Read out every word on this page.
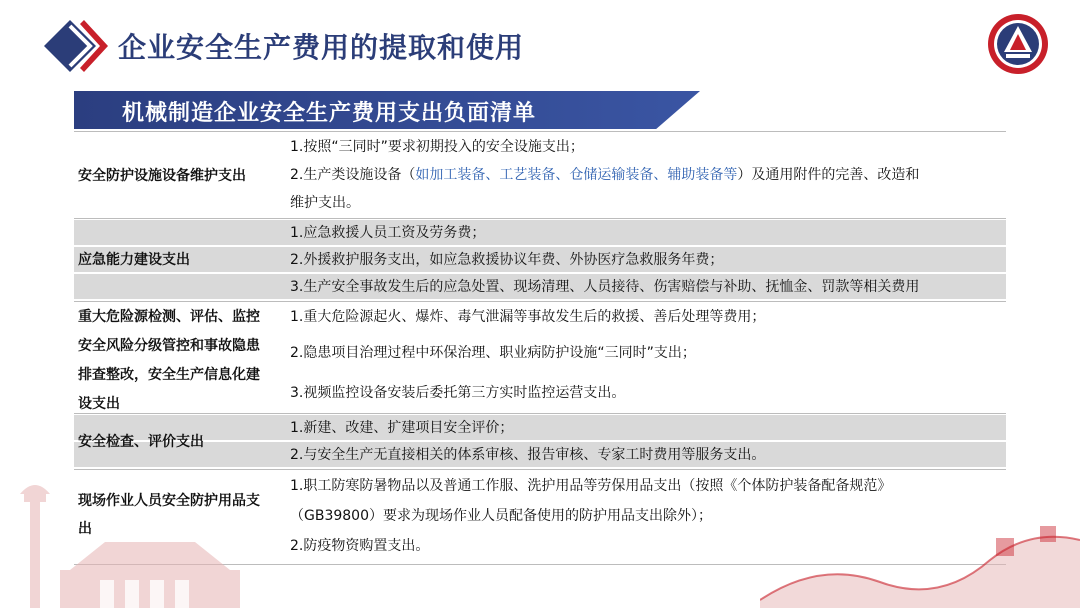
企业安全生产费用的提取和使用
机械制造企业安全生产费用支出负面清单
安全防护设施设备维护支出
1.按照“三同时”要求初期投入的安全设施支出；
2.生产类设施设备（如加工装备、工艺装备、仓储运输装备、辅助装备等）及通用附件的完善、改造和
维护支出。
应急能力建设支出
1.应急救援人员工资及劳务费；
2.外援救护服务支出，如应急救援协议年费、外协医疗急救服务年费；
3.生产安全事故发生后的应急处置、现场清理、人员接待、伤害赔偿与补助、抚恤金、罚款等相关费用
重大危险源检测、评估、监控
安全风险分级管控和事故隐患
排查整改，安全生产信息化建
设支出
1.重大危险源起火、爆炸、毒气泄漏等事故发生后的救援、善后处理等费用；
2.隐患项目治理过程中环保治理、职业病防护设施“三同时”支出；
3.视频监控设备安装后委托第三方实时监控运营支出。
安全检查、评价支出
1.新建、改建、扩建项目安全评价；
2.与安全生产无直接相关的体系审核、报告审核、专家工时费用等服务支出。
现场作业人员安全防护用品支
出
1.职工防寒防暑物品以及普通工作服、洗护用品等劳保用品支出（按照《个体防护装备配备规范》
（GB39800）要求为现场作业人员配备使用的防护用品支出除外）；
2.防疫物资购置支出。
